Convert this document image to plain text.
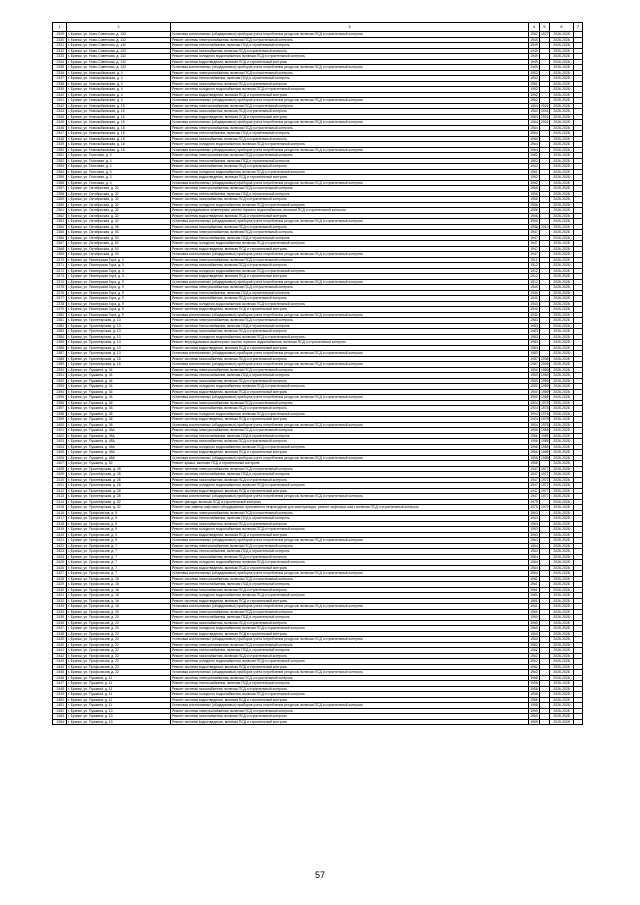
1	2	3	4	5	6	7
2329	г. Брянск, ул. Ново-Советская, д. 132	Установка коллективных (общедомовых) приборов учета потребления ресурсов, включая ПСД и строительный контроль	1962	1977	2026-2028	
2330	г. Брянск, ул. Ново-Советская, д. 132	Ремонт системы электроснабжения, включая ПСД и строительный контроль	1949		2026-2028	
2331	г. Брянск, ул. Ново-Советская, д. 132	Ремонт системы теплоснабжения, включая ПСД и строительный контроль	1949		2026-2028	
2332	г. Брянск, ул. Ново-Советская, д. 132	Ремонт системы газоснабжения, включая ПСД и строительный контроль	1949		2026-2028	
2333	г. Брянск, ул. Ново-Советская, д. 132	Ремонт системы холодного водоснабжения, включая ПСД и строительный контроль	1949		2026-2028	
2334	г. Брянск, ул. Ново-Советская, д. 132	Ремонт системы водоотведения, включая ПСД и строительный контроль	1949		2026-2028	
2335	г. Брянск, ул. Ново-Советская, д. 132	Установка коллективных (общедомовых) приборов учета потребления ресурсов, включая ПСД и строительный контроль	1949		2026-2028	
2336	г. Брянск, ул. Новозыбковская, д. 4	Ремонт системы электроснабжения, включая ПСД и строительный контроль	1952		2026-2028	
2337	г. Брянск, ул. Новозыбковская, д. 4	Ремонт системы теплоснабжения, включая ПСД и строительный контроль	1952		2026-2028	
2338	г. Брянск, ул. Новозыбковская, д. 4	Ремонт системы газоснабжения, включая ПСД и строительный контроль	1952		2026-2028	
2339	г. Брянск, ул. Новозыбковская, д. 4	Ремонт системы холодного водоснабжения, включая ПСД и строительный контроль	1952		2026-2028	
2340	г. Брянск, ул. Новозыбковская, д. 4	Ремонт системы водоотведения, включая ПСД и строительный контроль	1952		2026-2028	
2341	г. Брянск, ул. Новозыбковская, д. 4	Установка коллективных (общедомовых) приборов учета потребления ресурсов, включая ПСД и строительный контроль	1952		2026-2028	
2342	г. Брянск, ул. Новозыбковская, д. 15	Ремонт системы электроснабжения, включая ПСД и строительный контроль	1964	2001	2026-2028	
2343	г. Брянск, ул. Новозыбковская, д. 15	Ремонт системы газоснабжения, включая ПСД и строительный контроль	1964	2001	2026-2028	
2344	г. Брянск, ул. Новозыбковская, д. 15	Ремонт системы водоотведения, включая ПСД и строительный контроль	1964	2001	2026-2028	
2345	г. Брянск, ул. Новозыбковская, д. 15	Установка коллективных (общедомовых) приборов учета потребления ресурсов, включая ПСД и строительный контроль	1964	2001	2026-2028	
2346	г. Брянск, ул. Новозыбковская, д. 18	Ремонт системы электроснабжения, включая ПСД и строительный контроль	1964		2026-2028	
2347	г. Брянск, ул. Новозыбковская, д. 18	Ремонт системы теплоснабжения, включая ПСД и строительный контроль	1964		2026-2028	
2348	г. Брянск, ул. Новозыбковская, д. 18	Ремонт системы газоснабжения, включая ПСД и строительный контроль	1964		2026-2028	
2349	г. Брянск, ул. Новозыбковская, д. 18	Ремонт системы холодного водоснабжения, включая ПСД и строительный контроль	1964		2026-2028	
2350	г. Брянск, ул. Новозыбковская, д. 18	Установка коллективных (общедомовых) приборов учета потребления ресурсов, включая ПСД и строительный контроль	1964		2026-2028	
2351	г. Брянск, ул. Почтовая, д. 3	Ремонт системы электроснабжения, включая ПСД и строительный контроль	1962		2026-2028	
2352	г. Брянск, ул. Почтовая, д. 3	Ремонт системы теплоснабжения, включая ПСД и строительный контроль	1962		2026-2028	
2353	г. Брянск, ул. Почтовая, д. 3	Ремонт системы газоснабжения, включая ПСД и строительный контроль	1962		2026-2028	
2354	г. Брянск, ул. Почтовая, д. 3	Ремонт системы холодного водоснабжения, включая ПСД и строительный контроль	1962		2026-2028	
2355	г. Брянск, ул. Почтовая, д. 3	Ремонт системы водоотведения, включая ПСД и строительный контроль	1962		2026-2028	
2356	г. Брянск, ул. Почтовая, д. 3	Установка коллективных (общедомовых) приборов учета потребления ресурсов, включая ПСД и строительный контроль	1962		2026-2028	
2357	г. Брянск, ул. Октябрьская, д. 32	Ремонт системы электроснабжения, включая ПСД и строительный контроль	1956		2026-2028	
2358	г. Брянск, ул. Октябрьская, д. 32	Ремонт системы теплоснабжения, включая ПСД и строительный контроль	1956		2026-2028	
2359	г. Брянск, ул. Октябрьская, д. 32	Ремонт системы газоснабжения, включая ПСД и строительный контроль	1956		2026-2028	
2360	г. Брянск, ул. Октябрьская, д. 32	Ремонт системы холодного водоснабжения, включая ПСД и строительный контроль	1956		2026-2028	
2361	г. Брянск, ул. Октябрьская, д. 32	Ремонт внутридомовых инженерных систем горячего водоснабжения, включая ПСД и строительный контроль	1956		2026-2028	
2362	г. Брянск, ул. Октябрьская, д. 32	Ремонт системы водоотведения, включая ПСД и строительный контроль	1956		2026-2028	
2363	г. Брянск, ул. Октябрьская, д. 32	Установка коллективных (общедомовых) приборов учета потребления ресурсов, включая ПСД и строительный контроль	1956		2026-2028	
2364	г. Брянск, ул. Октябрьская, д. 36	Ремонт системы газоснабжения, включая ПСД и строительный контроль	1958	2010	2026-2028	
2365	г. Брянск, ул. Октябрьская, д. 53	Ремонт системы электроснабжения, включая ПСД и строительный контроль	1947		2026-2028	
2366	г. Брянск, ул. Октябрьская, д. 53	Ремонт системы теплоснабжения, включая ПСД и строительный контроль	1947		2026-2028	
2367	г. Брянск, ул. Октябрьская, д. 53	Ремонт системы холодного водоснабжения, включая ПСД и строительный контроль	1947		2026-2028	
2368	г. Брянск, ул. Октябрьская, д. 53	Ремонт системы водоотведения, включая ПСД и строительный контроль	1947		2026-2028	
2369	г. Брянск, ул. Октябрьская, д. 53	Установка коллективных (общедомовых) приборов учета потребления ресурсов, включая ПСД и строительный контроль	1947		2026-2028	
2370	г. Брянск, ул. Пионерская Гора, д. 3	Ремонт системы электроснабжения, включая ПСД и строительный контроль	1912		2026-2028	
2371	г. Брянск, ул. Пионерская Гора, д. 3	Ремонт системы газоснабжения, включая ПСД и строительный контроль	1912		2026-2028	
2372	г. Брянск, ул. Пионерская Гора, д. 3	Ремонт системы холодного водоснабжения, включая ПСД и строительный контроль	1912		2026-2028	
2373	г. Брянск, ул. Пионерская Гора, д. 3	Ремонт системы водоотведения, включая ПСД и строительный контроль	1912		2026-2028	
2374	г. Брянск, ул. Пионерская Гора, д. 3	Установка коллективных (общедомовых) приборов учета потребления ресурсов, включая ПСД и строительный контроль	1912		2026-2028	
2375	г. Брянск, ул. Пионерская Гора, д. 9	Ремонт системы электроснабжения, включая ПСД и строительный контроль	1940		2026-2028	
2376	г. Брянск, ул. Пионерская Гора, д. 9	Ремонт системы теплоснабжения, включая ПСД и строительный контроль	1940		2026-2028	
2377	г. Брянск, ул. Пионерская Гора, д. 9	Ремонт системы газоснабжения, включая ПСД и строительный контроль	1940		2026-2028	
2378	г. Брянск, ул. Пионерская Гора, д. 9	Ремонт системы холодного водоснабжения, включая ПСД и строительный контроль	1940		2026-2028	
2379	г. Брянск, ул. Пионерская Гора, д. 9	Ремонт системы водоотведения, включая ПСД и строительный контроль	1940		2026-2028	
2380	г. Брянск, ул. Пионерская Гора, д. 9	Установка коллективных (общедомовых) приборов учета потребления ресурсов, включая ПСД и строительный контроль	1940		2026-2028	
2381	г. Брянск, ул. Пролетарская, д. 13	Ремонт системы электроснабжения, включая ПСД и строительный контроль	1983		2026-2028	
2382	г. Брянск, ул. Пролетарская, д. 13	Ремонт системы теплоснабжения, включая ПСД и строительный контроль	1983		2026-2028	
2383	г. Брянск, ул. Пролетарская, д. 13	Ремонт системы газоснабжения, включая ПСД и строительный контроль	1983		2026-2028	
2384	г. Брянск, ул. Пролетарская, д. 13	Ремонт системы холодного водоснабжения, включая ПСД и строительный контроль	1983		2026-2028	
2385	г. Брянск, ул. Пролетарская, д. 13	Ремонт внутридомовых инженерных систем горячего водоснабжения, включая ПСД и строительный контроль	1983		2026-2028	
2386	г. Брянск, ул. Пролетарская, д. 13	Ремонт системы водоотведения, включая ПСД и строительный контроль	1983		2026-2028	
2387	г. Брянск, ул. Пролетарская, д. 13	Установка коллективных (общедомовых) приборов учета потребления ресурсов, включая ПСД и строительный контроль	1983		2026-2028	
2388	г. Брянск, ул. Пролетарская, д. 15	Ремонт системы газоснабжения, включая ПСД и строительный контроль	1987	2008	2026-2028	
2389	г. Брянск, ул. Пролетарская, д. 15	Установка коллективных (общедомовых) приборов учета потребления ресурсов, включая ПСД и строительный контроль	1987	2008	2026-2028	
2390	г. Брянск, ул. Пушкина, д. 34	Ремонт системы электроснабжения, включая ПСД и строительный контроль	1950	1989	2026-2028	
2391	г. Брянск, ул. Пушкина, д. 34	Ремонт системы теплоснабжения, включая ПСД и строительный контроль	1950	1989	2026-2028	
2392	г. Брянск, ул. Пушкина, д. 34	Ремонт системы газоснабжения, включая ПСД и строительный контроль	1950	1989	2026-2028	
2393	г. Брянск, ул. Пушкина, д. 34	Ремонт системы холодного водоснабжения, включая ПСД и строительный контроль	1950	1989	2026-2028	
2394	г. Брянск, ул. Пушкина, д. 34	Ремонт системы водоотведения, включая ПСД и строительный контроль	1950	1989	2026-2028	
2395	г. Брянск, ул. Пушкина, д. 34	Установка коллективных (общедомовых) приборов учета потребления ресурсов, включая ПСД и строительный контроль	1950	1989	2026-2028	
2396	г. Брянск, ул. Пушкина, д. 36	Ремонт системы электроснабжения, включая ПСД и строительный контроль	1904	1978	2026-2028	
2397	г. Брянск, ул. Пушкина, д. 36	Ремонт системы газоснабжения, включая ПСД и строительный контроль	1904	1978	2026-2028	
2398	г. Брянск, ул. Пушкина, д. 36	Ремонт системы холодного водоснабжения, включая ПСД и строительный контроль	1904	1978	2026-2028	
2399	г. Брянск, ул. Пушкина, д. 36	Ремонт системы водоотведения, включая ПСД и строительный контроль	1904	1978	2026-2028	
2400	г. Брянск, ул. Пушкина, д. 36	Установка коллективных (общедомовых) приборов учета потребления ресурсов, включая ПСД и строительный контроль	1904	1978	2026-2028	
2401	г. Брянск, ул. Пушкина, д. 48А	Ремонт системы электроснабжения, включая ПСД и строительный контроль	1956	1985	2026-2028	
2402	г. Брянск, ул. Пушкина, д. 48А	Ремонт системы теплоснабжения, включая ПСД и строительный контроль	1956	1985	2026-2028	
2403	г. Брянск, ул. Пушкина, д. 48А	Ремонт системы газоснабжения, включая ПСД и строительный контроль	1956	1985	2026-2028	
2404	г. Брянск, ул. Пушкина, д. 48А	Ремонт системы холодного водоснабжения, включая ПСД и строительный контроль	1956	1985	2026-2028	
2405	г. Брянск, ул. Пушкина, д. 48А	Ремонт системы водоотведения, включая ПСД и строительный контроль	1956	1985	2026-2028	
2406	г. Брянск, ул. Пушкина, д. 48А	Установка коллективных (общедомовых) приборов учета потребления ресурсов, включая ПСД и строительный контроль	1956	1985	2026-2028	
2407	г. Брянск, ул. Пушкина, д. 52	Ремонт крыши, включая ПСД и строительный контроль	1958		2026-2028	
2408	г. Брянск, ул. Пролетарская, д. 28	Ремонт системы электроснабжения, включая ПСД и строительный контроль	1947	1977	2026-2028	
2409	г. Брянск, ул. Пролетарская, д. 28	Ремонт системы теплоснабжения, включая ПСД и строительный контроль	1947	1977	2026-2028	
2410	г. Брянск, ул. Пролетарская, д. 28	Ремонт системы газоснабжения, включая ПСД и строительный контроль	1947	1977	2026-2028	
2411	г. Брянск, ул. Пролетарская, д. 28	Ремонт системы холодного водоснабжения, включая ПСД и строительный контроль	1947	1977	2026-2028	
2412	г. Брянск, ул. Пролетарская, д. 28	Ремонт системы водоотведения, включая ПСД и строительный контроль	1947	1977	2026-2028	
2413	г. Брянск, ул. Пролетарская, д. 28	Установка коллективных (общедомовых) приборов учета потребления ресурсов, включая ПСД и строительный контроль	1947	1977	2026-2028	
2414	г. Брянск, ул. Пролетарская, д. 32	Ремонт фасада, включая ПСД и строительный контроль	1975		2026-2028	
2415	г. Брянск, ул. Пролетарская, д. 32	Ремонт или замена лифтового оборудования, признанного непригодным для эксплуатации, ремонт лифтовых шахт, включая ПСД и строительный контроль	1975	1976	2026-2028	
2416	г. Брянск, ул. Профсоюзов, д. 5	Ремонт системы электроснабжения, включая ПСД и строительный контроль	1963		2026-2028	
2417	г. Брянск, ул. Профсоюзов, д. 5	Ремонт системы теплоснабжения, включая ПСД и строительный контроль	1963		2026-2028	
2418	г. Брянск, ул. Профсоюзов, д. 5	Ремонт системы газоснабжения, включая ПСД и строительный контроль	1963		2026-2028	
2419	г. Брянск, ул. Профсоюзов, д. 5	Ремонт системы холодного водоснабжения, включая ПСД и строительный контроль	1963		2026-2028	
2420	г. Брянск, ул. Профсоюзов, д. 5	Ремонт системы водоотведения, включая ПСД и строительный контроль	1963		2026-2028	
2421	г. Брянск, ул. Профсоюзов, д. 5	Установка коллективных (общедомовых) приборов учета потребления ресурсов, включая ПСД и строительный контроль	1963		2026-2028	
2422	г. Брянск, ул. Профсоюзов, д. 7	Ремонт системы электроснабжения, включая ПСД и строительный контроль	1964		2026-2028	
2423	г. Брянск, ул. Профсоюзов, д. 7	Ремонт системы теплоснабжения, включая ПСД и строительный контроль	1964		2026-2028	
2424	г. Брянск, ул. Профсоюзов, д. 7	Ремонт системы газоснабжения, включая ПСД и строительный контроль	1964		2026-2028	
2425	г. Брянск, ул. Профсоюзов, д. 7	Ремонт системы холодного водоснабжения, включая ПСД и строительный контроль	1964		2026-2028	
2426	г. Брянск, ул. Профсоюзов, д. 7	Ремонт системы водоотведения, включая ПСД и строительный контроль	1964		2026-2028	
2427	г. Брянск, ул. Профсоюзов, д. 7	Установка коллективных (общедомовых) приборов учета потребления ресурсов, включая ПСД и строительный контроль	1964		2026-2028	
2428	г. Брянск, ул. Профсоюзов, д. 16	Ремонт системы электроснабжения, включая ПСД и строительный контроль	1961		2026-2028	
2429	г. Брянск, ул. Профсоюзов, д. 16	Ремонт системы теплоснабжения, включая ПСД и строительный контроль	1961		2026-2028	
2430	г. Брянск, ул. Профсоюзов, д. 16	Ремонт системы газоснабжения, включая ПСД и строительный контроль	1961		2026-2028	
2431	г. Брянск, ул. Профсоюзов, д. 16	Ремонт системы холодного водоснабжения, включая ПСД и строительный контроль	1961		2026-2028	
2432	г. Брянск, ул. Профсоюзов, д. 16	Ремонт системы водоотведения, включая ПСД и строительный контроль	1961		2026-2028	
2433	г. Брянск, ул. Профсоюзов, д. 16	Установка коллективных (общедомовых) приборов учета потребления ресурсов, включая ПСД и строительный контроль	1961		2026-2028	
2434	г. Брянск, ул. Профсоюзов, д. 20	Ремонт системы электроснабжения, включая ПСД и строительный контроль	1960		2026-2028	
2435	г. Брянск, ул. Профсоюзов, д. 20	Ремонт системы теплоснабжения, включая ПСД и строительный контроль	1960		2026-2028	
2436	г. Брянск, ул. Профсоюзов, д. 20	Ремонт системы газоснабжения, включая ПСД и строительный контроль	1960		2026-2028	
2437	г. Брянск, ул. Профсоюзов, д. 20	Ремонт системы холодного водоснабжения, включая ПСД и строительный контроль	1960		2026-2028	
2438	г. Брянск, ул. Профсоюзов, д. 20	Ремонт системы водоотведения, включая ПСД и строительный контроль	1960		2026-2028	
2439	г. Брянск, ул. Профсоюзов, д. 20	Установка коллективных (общедомовых) приборов учета потребления ресурсов, включая ПСД и строительный контроль	1960		2026-2028	
2440	г. Брянск, ул. Профсоюзов, д. 22	Ремонт системы электроснабжения, включая ПСД и строительный контроль	1962		2026-2028	
2441	г. Брянск, ул. Профсоюзов, д. 22	Ремонт системы теплоснабжения, включая ПСД и строительный контроль	1962		2026-2028	
2442	г. Брянск, ул. Профсоюзов, д. 22	Ремонт системы газоснабжения, включая ПСД и строительный контроль	1962		2026-2028	
2443	г. Брянск, ул. Профсоюзов, д. 22	Ремонт системы холодного водоснабжения, включая ПСД и строительный контроль	1962		2026-2028	
2444	г. Брянск, ул. Профсоюзов, д. 22	Ремонт системы водоотведения, включая ПСД и строительный контроль	1962		2026-2028	
2445	г. Брянск, ул. Профсоюзов, д. 22	Установка коллективных (общедомовых) приборов учета потребления ресурсов, включая ПСД и строительный контроль	1962		2026-2028	
2446	г. Брянск, ул. Пушкина, д. 11	Ремонт системы электроснабжения, включая ПСД и строительный контроль	1958		2026-2028	
2447	г. Брянск, ул. Пушкина, д. 11	Ремонт системы теплоснабжения, включая ПСД и строительный контроль	1958		2026-2028	
2448	г. Брянск, ул. Пушкина, д. 11	Ремонт системы газоснабжения, включая ПСД и строительный контроль	1958		2026-2028	
2449	г. Брянск, ул. Пушкина, д. 11	Ремонт системы холодного водоснабжения, включая ПСД и строительный контроль	1958		2026-2028	
2450	г. Брянск, ул. Пушкина, д. 11	Ремонт системы водоотведения, включая ПСД и строительный контроль	1958		2026-2028	
2451	г. Брянск, ул. Пушкина, д. 11	Установка коллективных (общедомовых) приборов учета потребления ресурсов, включая ПСД и строительный контроль	1958		2026-2028	
2452	г. Брянск, ул. Пушкина, д. 13	Ремонт системы электроснабжения, включая ПСД и строительный контроль	1959		2026-2028	
2453	г. Брянск, ул. Пушкина, д. 13	Ремонт системы газоснабжения, включая ПСД и строительный контроль	1959		2026-2028	
2454	г. Брянск, ул. Пушкина, д. 13	Ремонт системы водоотведения, включая ПСД и строительный контроль	1959		2026-2028	
57
